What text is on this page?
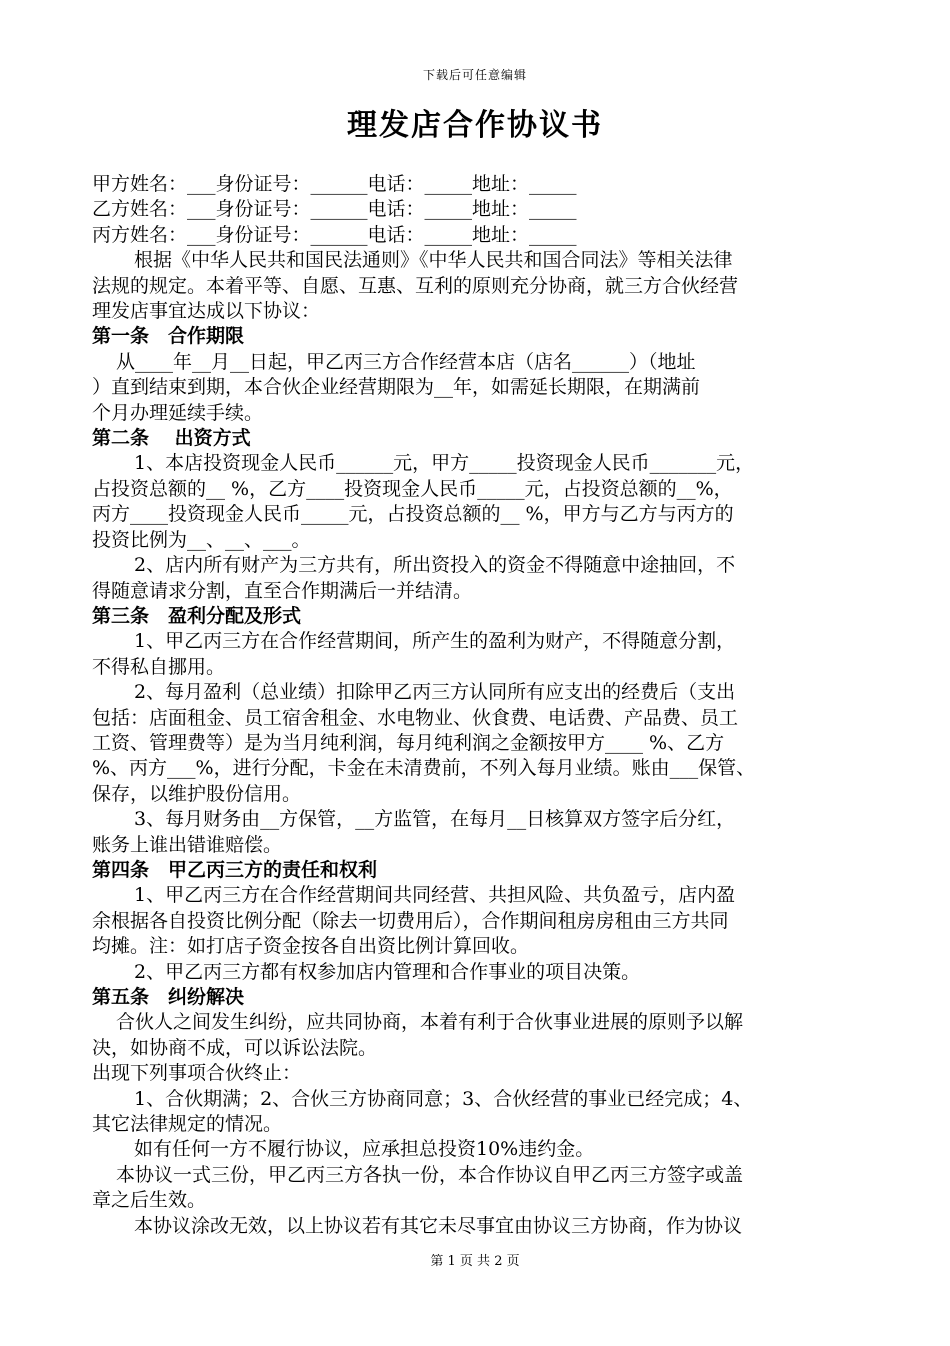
下载后可任意编辑
理发店合作协议书
甲方姓名：___身份证号：______电话：_____地址：_____
乙方姓名：___身份证号：______电话：_____地址：_____
丙方姓名：___身份证号：______电话：_____地址：_____
根据《中华人民共和国民法通则》《中华人民共和国合同法》等相关法律
法规的规定。本着平等、自愿、互惠、互利的原则充分协商，就三方合伙经营
理发店事宜达成以下协议：
第一条　合作期限
从____年__月__日起，甲乙丙三方合作经营本店（店名______）（地址
）直到结束到期，本合伙企业经营期限为__年，如需延长期限，在期满前
个月办理延续手续。
第二条　 出资方式
1、本店投资现金人民币______元，甲方_____投资现金人民币_______元，
占投资总额的__ %，乙方____投资现金人民币_____元，占投资总额的__%，
丙方____投资现金人民币_____元，占投资总额的__ %，甲方与乙方与丙方的
投资比例为__、__、___。
2、店内所有财产为三方共有，所出资投入的资金不得随意中途抽回，不
得随意请求分割，直至合作期满后一并结清。
第三条　盈利分配及形式
1、甲乙丙三方在合作经营期间，所产生的盈利为财产，不得随意分割，
不得私自挪用。
2、每月盈利（总业绩）扣除甲乙丙三方认同所有应支出的经费后（支出
包括：店面租金、员工宿舍租金、水电物业、伙食费、电话费、产品费、员工
工资、管理费等）是为当月纯利润，每月纯利润之金额按甲方____ %、乙方
%、丙方___%，进行分配，卡金在未清费前，不列入每月业绩。账由___保管、
保存，以维护股份信用。
3、每月财务由__方保管，__方监管，在每月__日核算双方签字后分红，
账务上谁出错谁赔偿。
第四条　甲乙丙三方的责任和权利
1、甲乙丙三方在合作经营期间共同经营、共担风险、共负盈亏，店内盈
余根据各自投资比例分配（除去一切费用后），合作期间租房房租由三方共同
均摊。注：如打店子资金按各自出资比例计算回收。
2、甲乙丙三方都有权参加店内管理和合作事业的项目决策。
第五条　纠纷解决
合伙人之间发生纠纷，应共同协商，本着有利于合伙事业进展的原则予以解
决，如协商不成，可以诉讼法院。
出现下列事项合伙终止：
1、合伙期满；2、合伙三方协商同意；3、合伙经营的事业已经完成；4、
其它法律规定的情况。
如有任何一方不履行协议，应承担总投资10%违约金。
本协议一式三份，甲乙丙三方各执一份，本合作协议自甲乙丙三方签字或盖
章之后生效。
本协议涂改无效，以上协议若有其它未尽事宜由协议三方协商，作为协议
第 1 页 共 2 页
